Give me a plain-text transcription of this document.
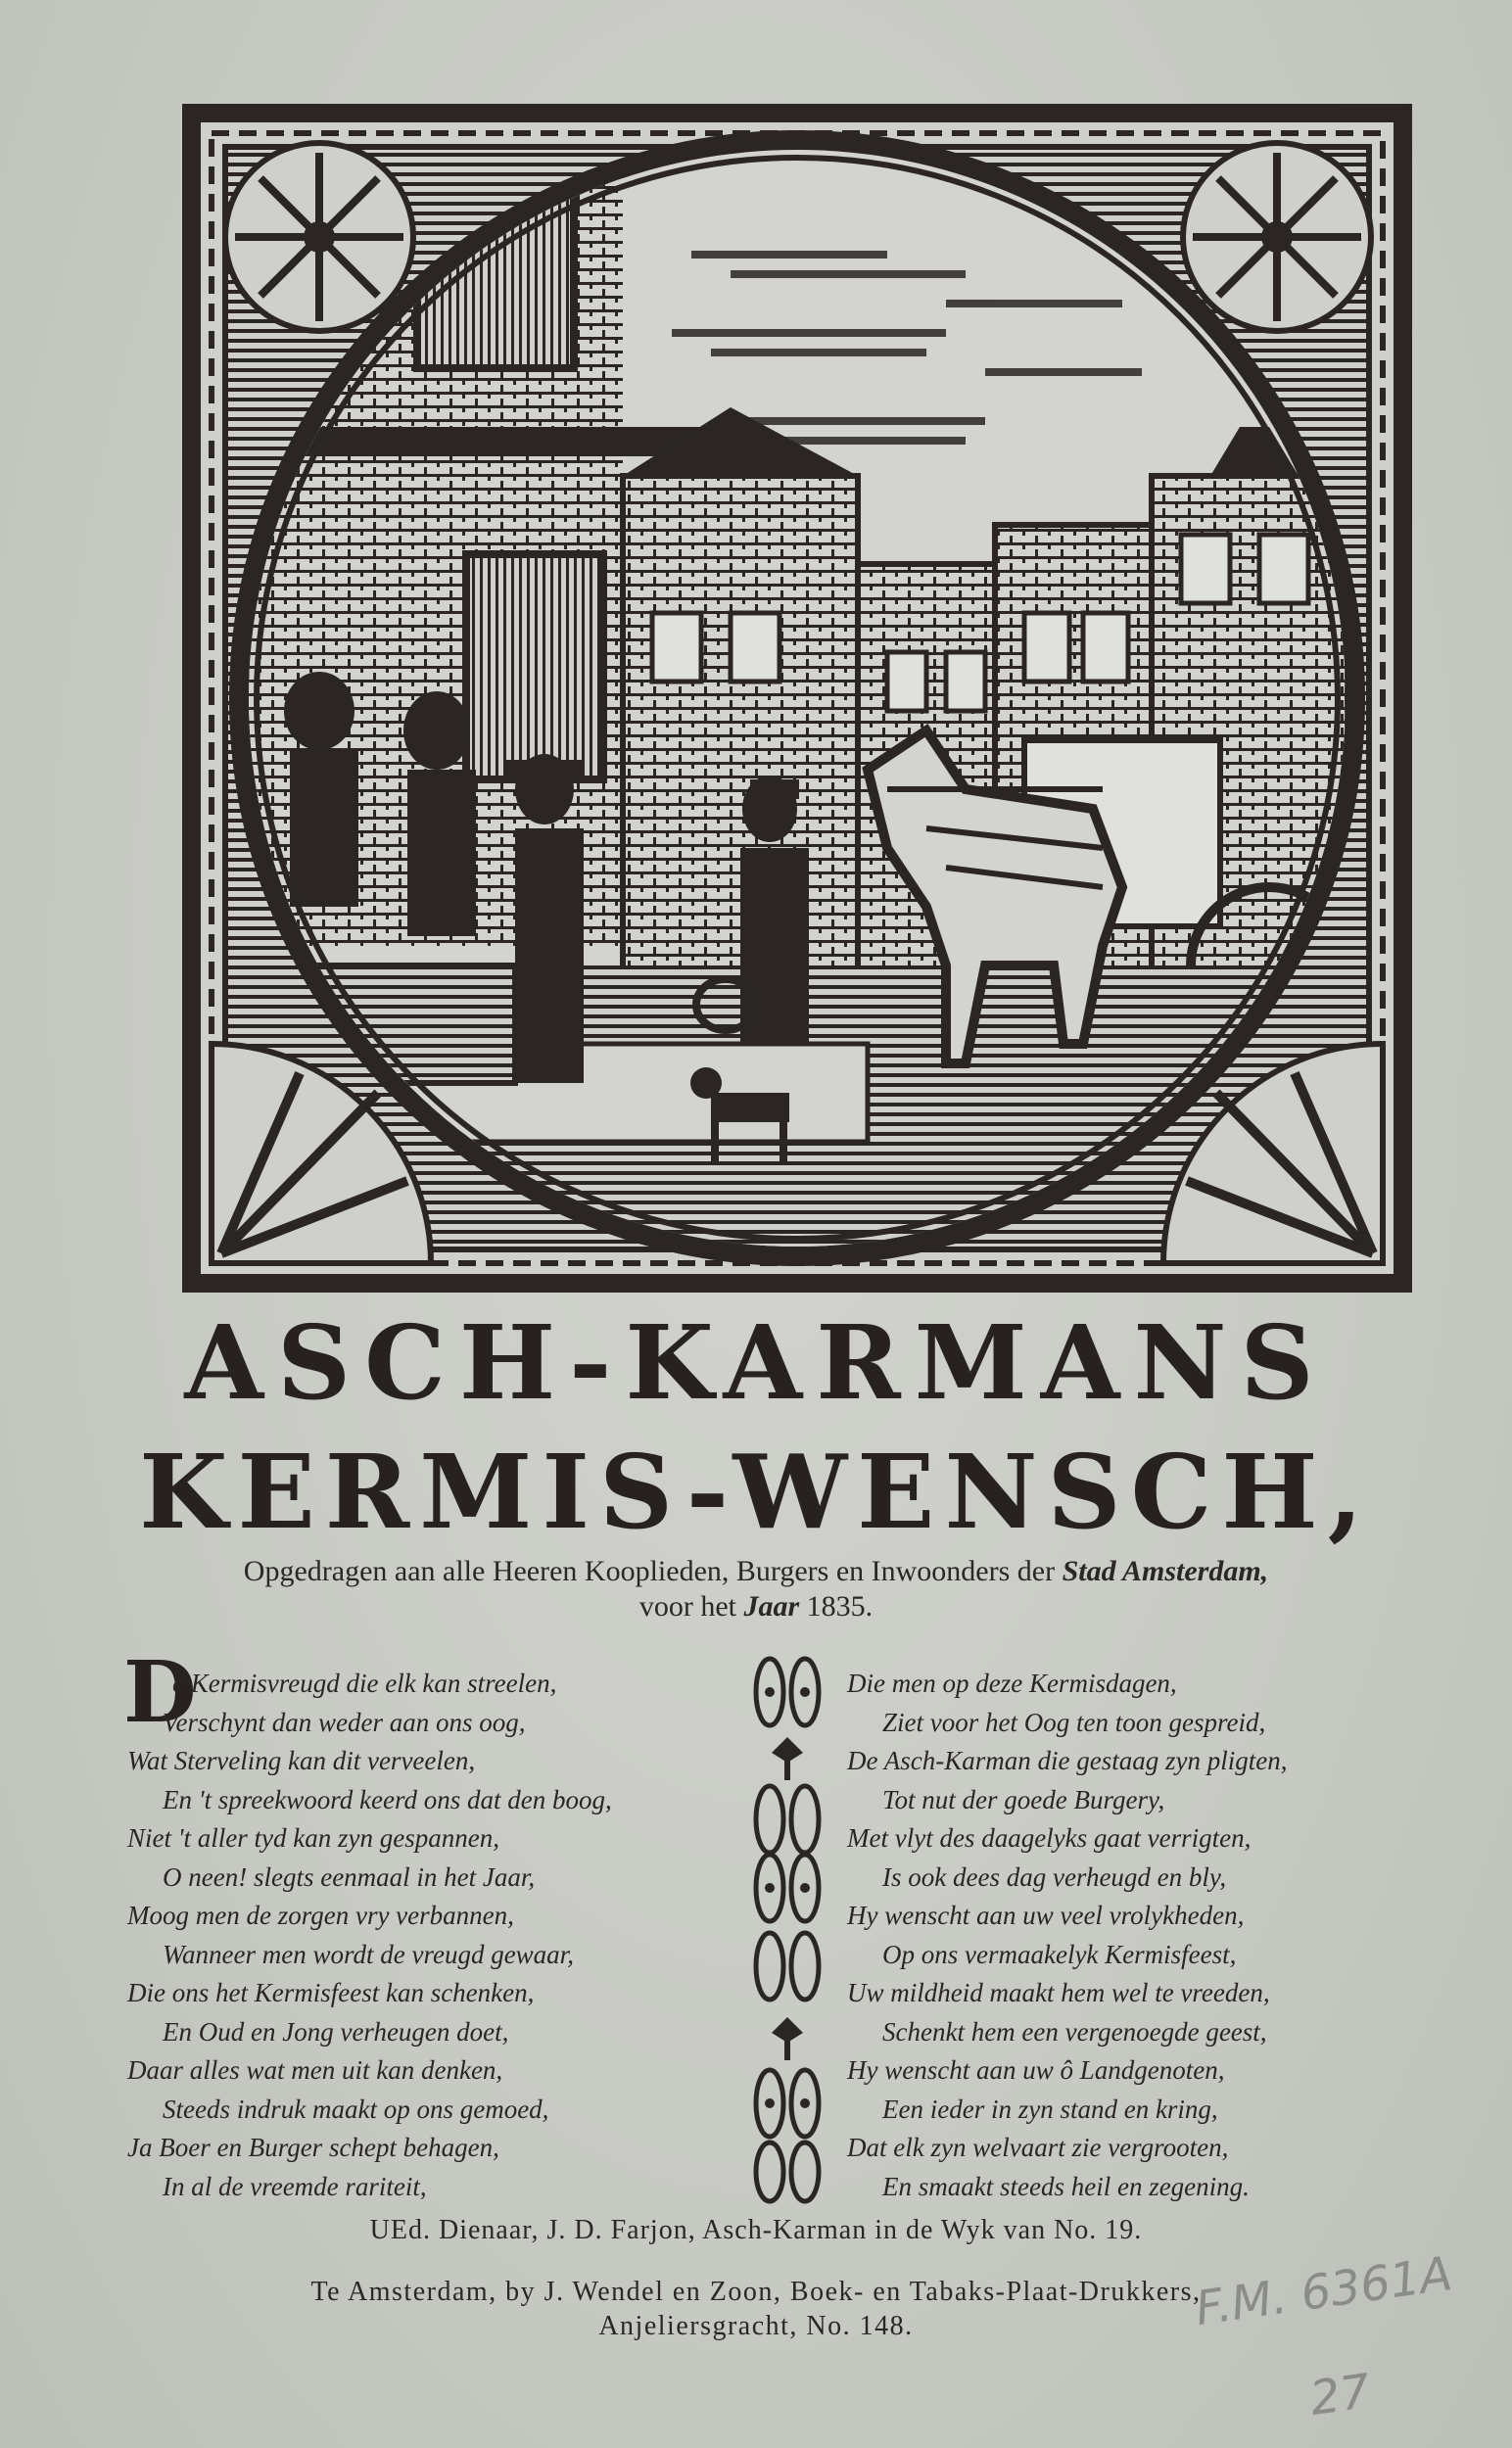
ASCH-KARMANS
KERMIS-WENSCH,
Opgedragen aan alle Heeren Kooplieden, Burgers en Inwoonders der Stad Amsterdam,
voor het Jaar 1835.
D
e Kermisvreugd die elk kan streelen,
Verschynt dan weder aan ons oog,
Wat Sterveling kan dit verveelen,
En 't spreekwoord keerd ons dat den boog,
Niet 't aller tyd kan zyn gespannen,
O neen! slegts eenmaal in het Jaar,
Moog men de zorgen vry verbannen,
Wanneer men wordt de vreugd gewaar,
Die ons het Kermisfeest kan schenken,
En Oud en Jong verheugen doet,
Daar alles wat men uit kan denken,
Steeds indruk maakt op ons gemoed,
Ja Boer en Burger schept behagen,
In al de vreemde rariteit,
Die men op deze Kermisdagen,
Ziet voor het Oog ten toon gespreid,
De Asch-Karman die gestaag zyn pligten,
Tot nut der goede Burgery,
Met vlyt des daagelyks gaat verrigten,
Is ook dees dag verheugd en bly,
Hy wenscht aan uw veel vrolykheden,
Op ons vermaakelyk Kermisfeest,
Uw mildheid maakt hem wel te vreeden,
Schenkt hem een vergenoegde geest,
Hy wenscht aan uw ô Landgenoten,
Een ieder in zyn stand en kring,
Dat elk zyn welvaart zie vergrooten,
En smaakt steeds heil en zegening.
UEd. Dienaar, J. D. Farjon, Asch-Karman in de Wyk van No. 19.
Te Amsterdam, by J. Wendel en Zoon, Boek- en Tabaks-Plaat-Drukkers,
Anjeliersgracht, No. 148.	F.M. 6361A
27
